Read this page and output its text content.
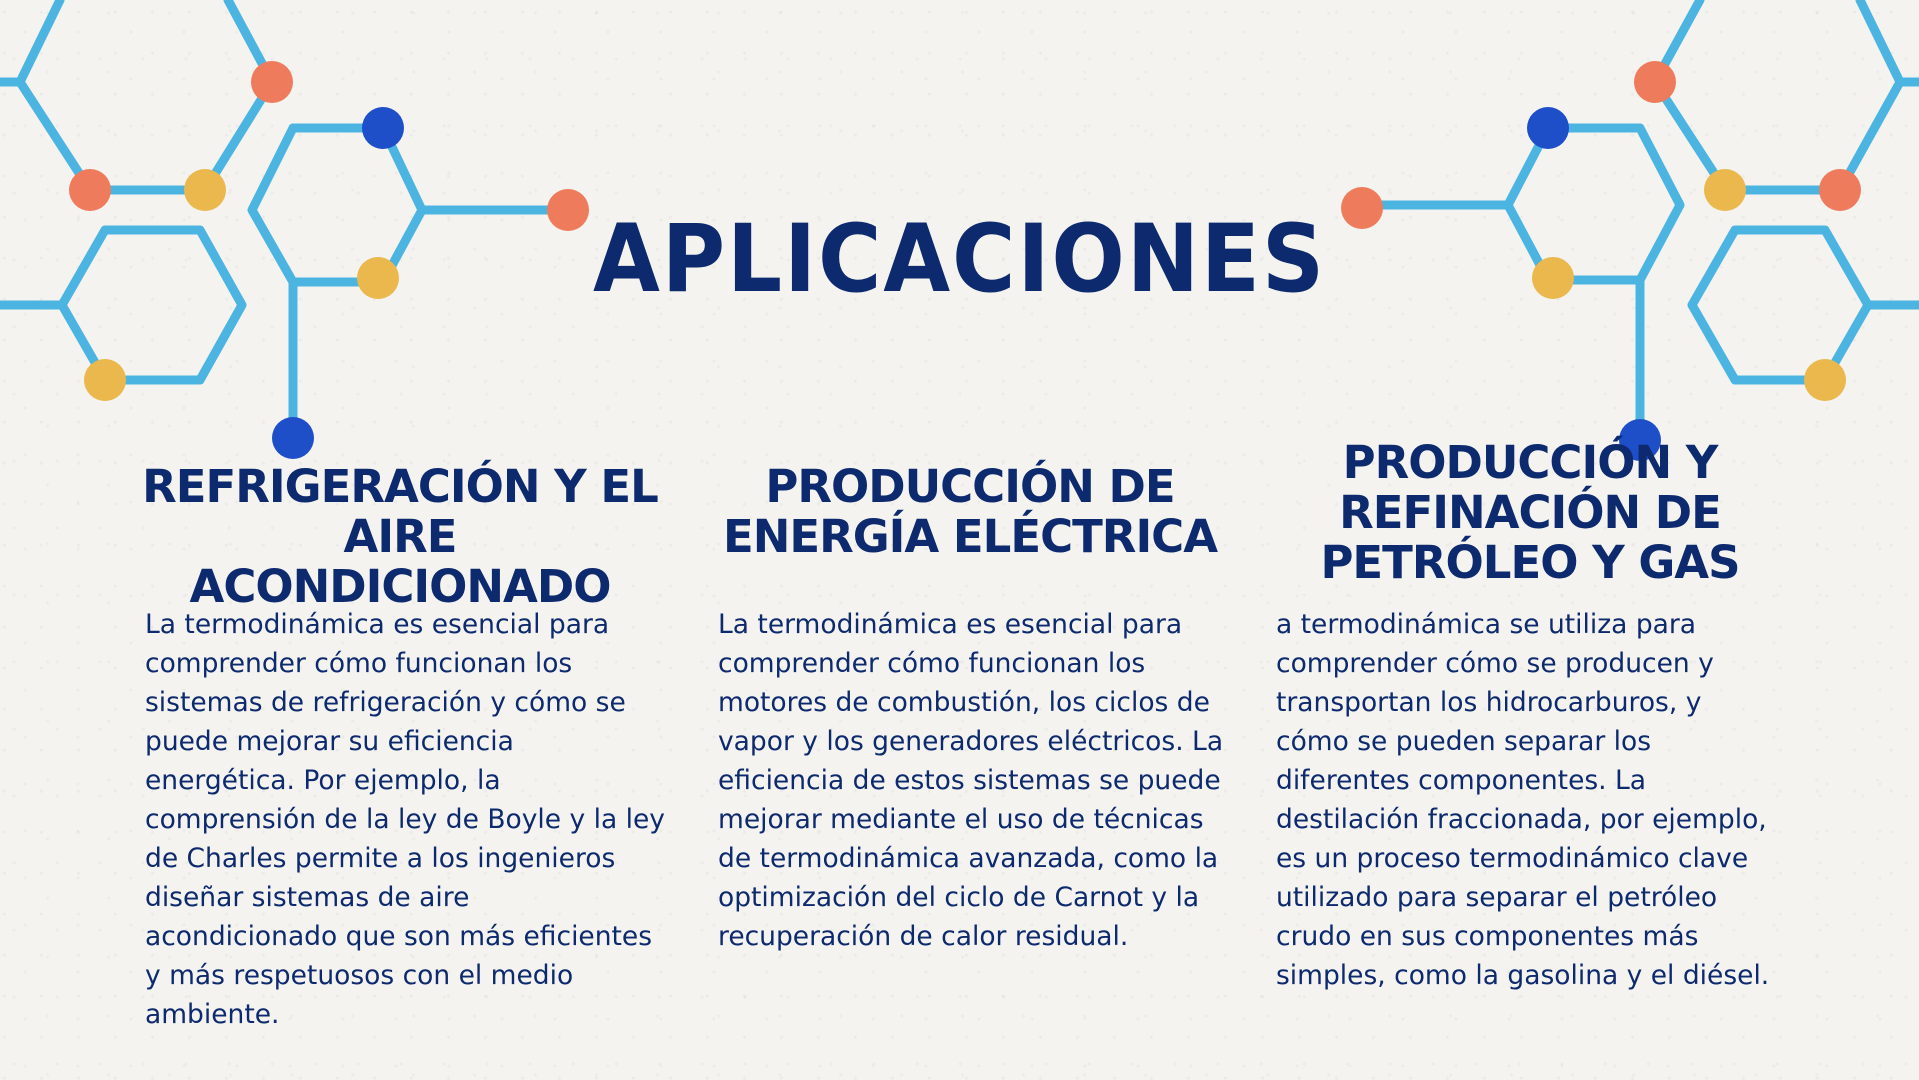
APLICACIONES
REFRIGERACIÓN Y EL AIRE ACONDICIONADO
PRODUCCIÓN DE ENERGÍA ELÉCTRICA
PRODUCCIÓN Y REFINACIÓN DE PETRÓLEO Y GAS

La termodinámica es esencial para comprender cómo funcionan los sistemas de refrigeración y cómo se puede mejorar su eficiencia energética. Por ejemplo, la comprensión de la ley de Boyle y la ley de Charles permite a los ingenieros diseñar sistemas de aire acondicionado que son más eficientes y más respetuosos con el medio ambiente.

La termodinámica es esencial para comprender cómo funcionan los motores de combustión, los ciclos de vapor y los generadores eléctricos. La eficiencia de estos sistemas se puede mejorar mediante el uso de técnicas de termodinámica avanzada, como la optimización del ciclo de Carnot y la recuperación de calor residual.

a termodinámica se utiliza para comprender cómo se producen y transportan los hidrocarburos, y cómo se pueden separar los diferentes componentes. La destilación fraccionada, por ejemplo, es un proceso termodinámico clave utilizado para separar el petróleo crudo en sus componentes más simples, como la gasolina y el diésel.
